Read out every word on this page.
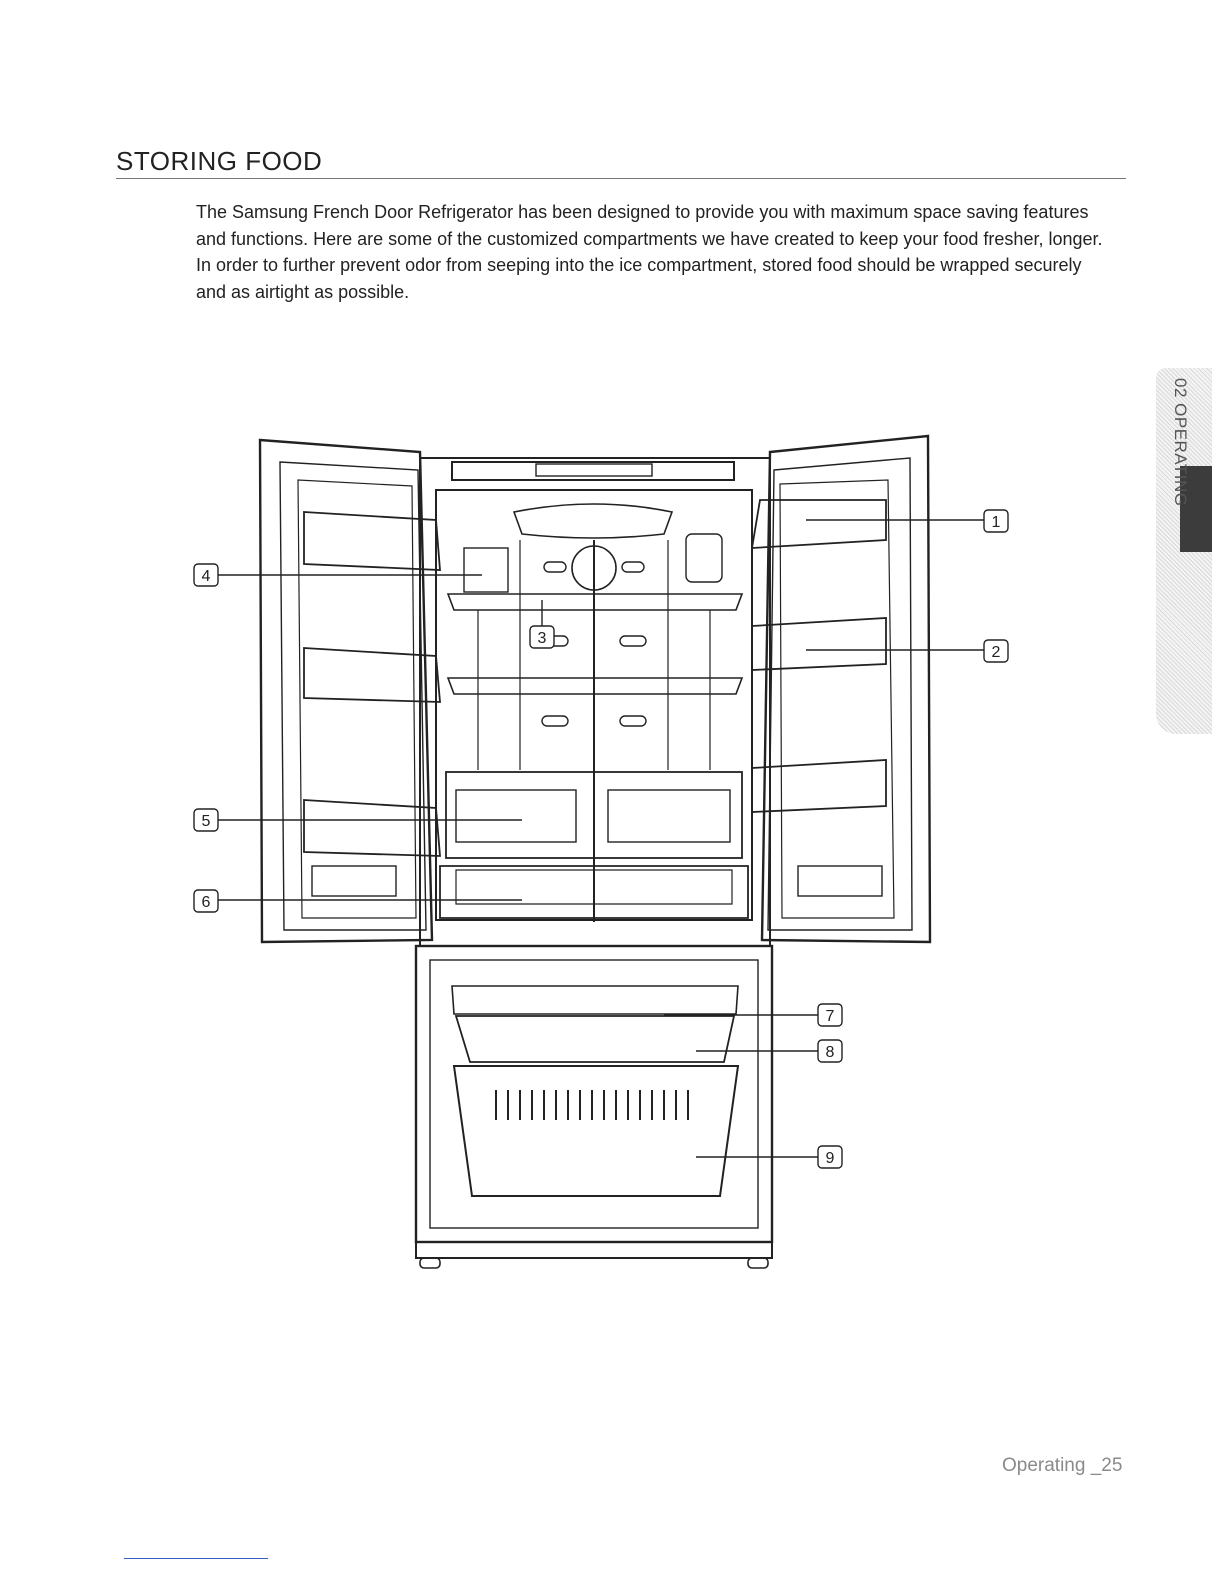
STORING FOOD
The Samsung French Door Refrigerator has been designed to provide you with maximum space saving features and functions. Here are some of the customized compartments we have created to keep your food fresher, longer. In order to further prevent odor from seeping into the ice compartment, stored food should be wrapped securely and as airtight as possible.
02 OPERATING
1
2
3
4
5
6
7
8
9
Operating _25
